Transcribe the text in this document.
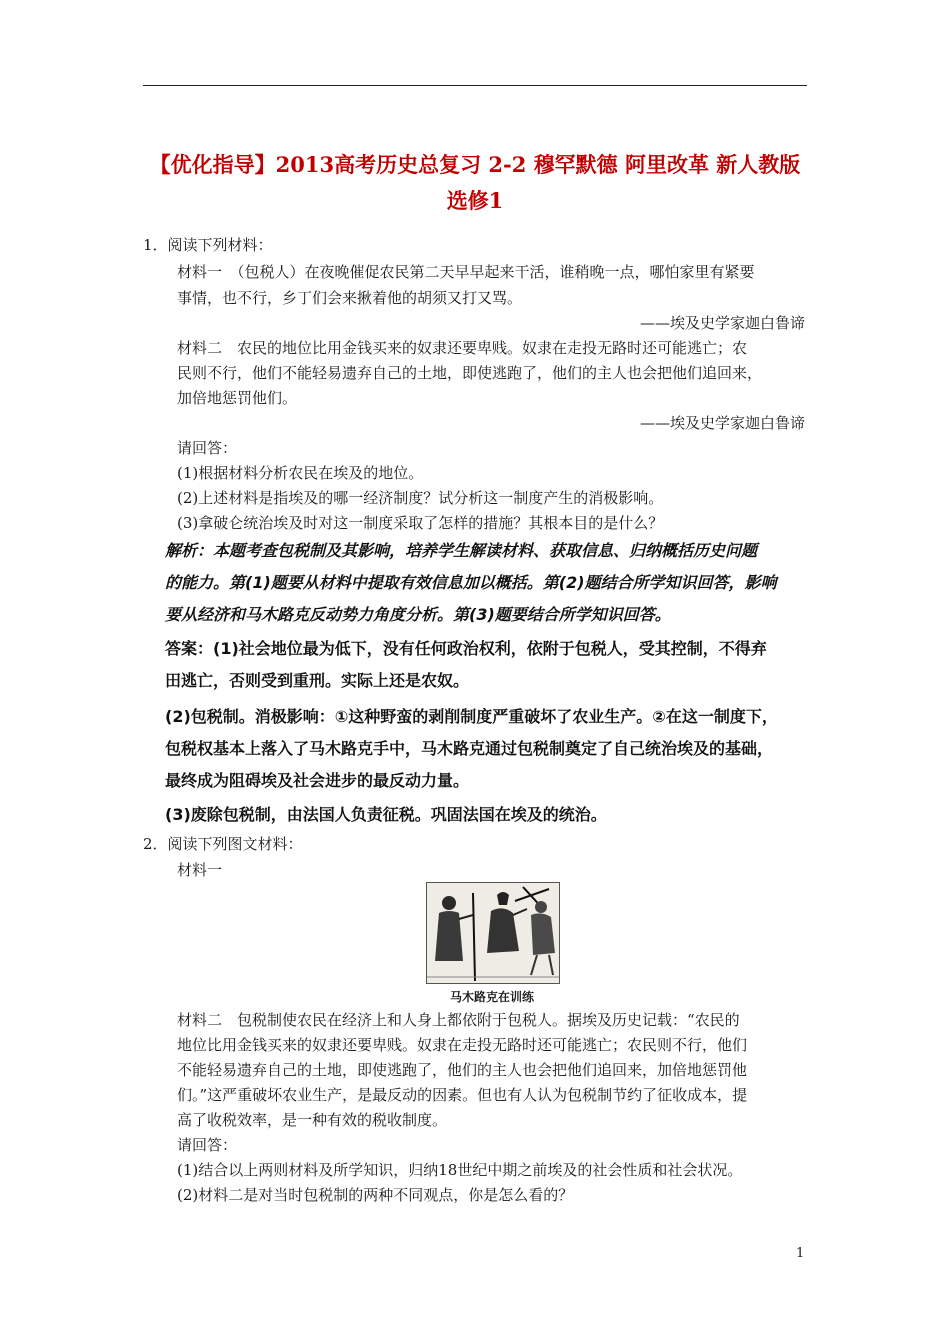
【优化指导】2013高考历史总复习 2-2 穆罕默德 阿里改革 新人教版选修1
1．阅读下列材料：
材料一　（包税人）在夜晚催促农民第二天早早起来干活，谁稍晚一点，哪怕家里有紧要
事情，也不行，乡丁们会来揪着他的胡须又打又骂。
——埃及史学家迦白鲁谛
材料二　农民的地位比用金钱买来的奴隶还要卑贱。奴隶在走投无路时还可能逃亡；农
民则不行，他们不能轻易遗弃自己的土地，即使逃跑了，他们的主人也会把他们追回来，
加倍地惩罚他们。
——埃及史学家迦白鲁谛
请回答：
(1)根据材料分析农民在埃及的地位。
(2)上述材料是指埃及的哪一经济制度？试分析这一制度产生的消极影响。
(3)拿破仑统治埃及时对这一制度采取了怎样的措施？其根本目的是什么？
解析：本题考查包税制及其影响，培养学生解读材料、获取信息、归纳概括历史问题
的能力。第(1)题要从材料中提取有效信息加以概括。第(2)题结合所学知识回答，影响
要从经济和马木路克反动势力角度分析。第(3)题要结合所学知识回答。
答案：(1)社会地位最为低下，没有任何政治权利，依附于包税人，受其控制，不得弃
田逃亡，否则受到重刑。实际上还是农奴。
(2)包税制。消极影响：①这种野蛮的剥削制度严重破坏了农业生产。②在这一制度下，
包税权基本上落入了马木路克手中，马木路克通过包税制奠定了自己统治埃及的基础，
最终成为阻碍埃及社会进步的最反动力量。
(3)废除包税制，由法国人负责征税。巩固法国在埃及的统治。
2．阅读下列图文材料：
材料一
马木路克在训练
材料二　包税制使农民在经济上和人身上都依附于包税人。据埃及历史记载：“农民的
地位比用金钱买来的奴隶还要卑贱。奴隶在走投无路时还可能逃亡；农民则不行，他们
不能轻易遗弃自己的土地，即使逃跑了，他们的主人也会把他们追回来，加倍地惩罚他
们。”这严重破坏农业生产，是最反动的因素。但也有人认为包税制节约了征收成本，提
高了收税效率，是一种有效的税收制度。
请回答：
(1)结合以上两则材料及所学知识，归纳18世纪中期之前埃及的社会性质和社会状况。
(2)材料二是对当时包税制的两种不同观点，你是怎么看的？
1
